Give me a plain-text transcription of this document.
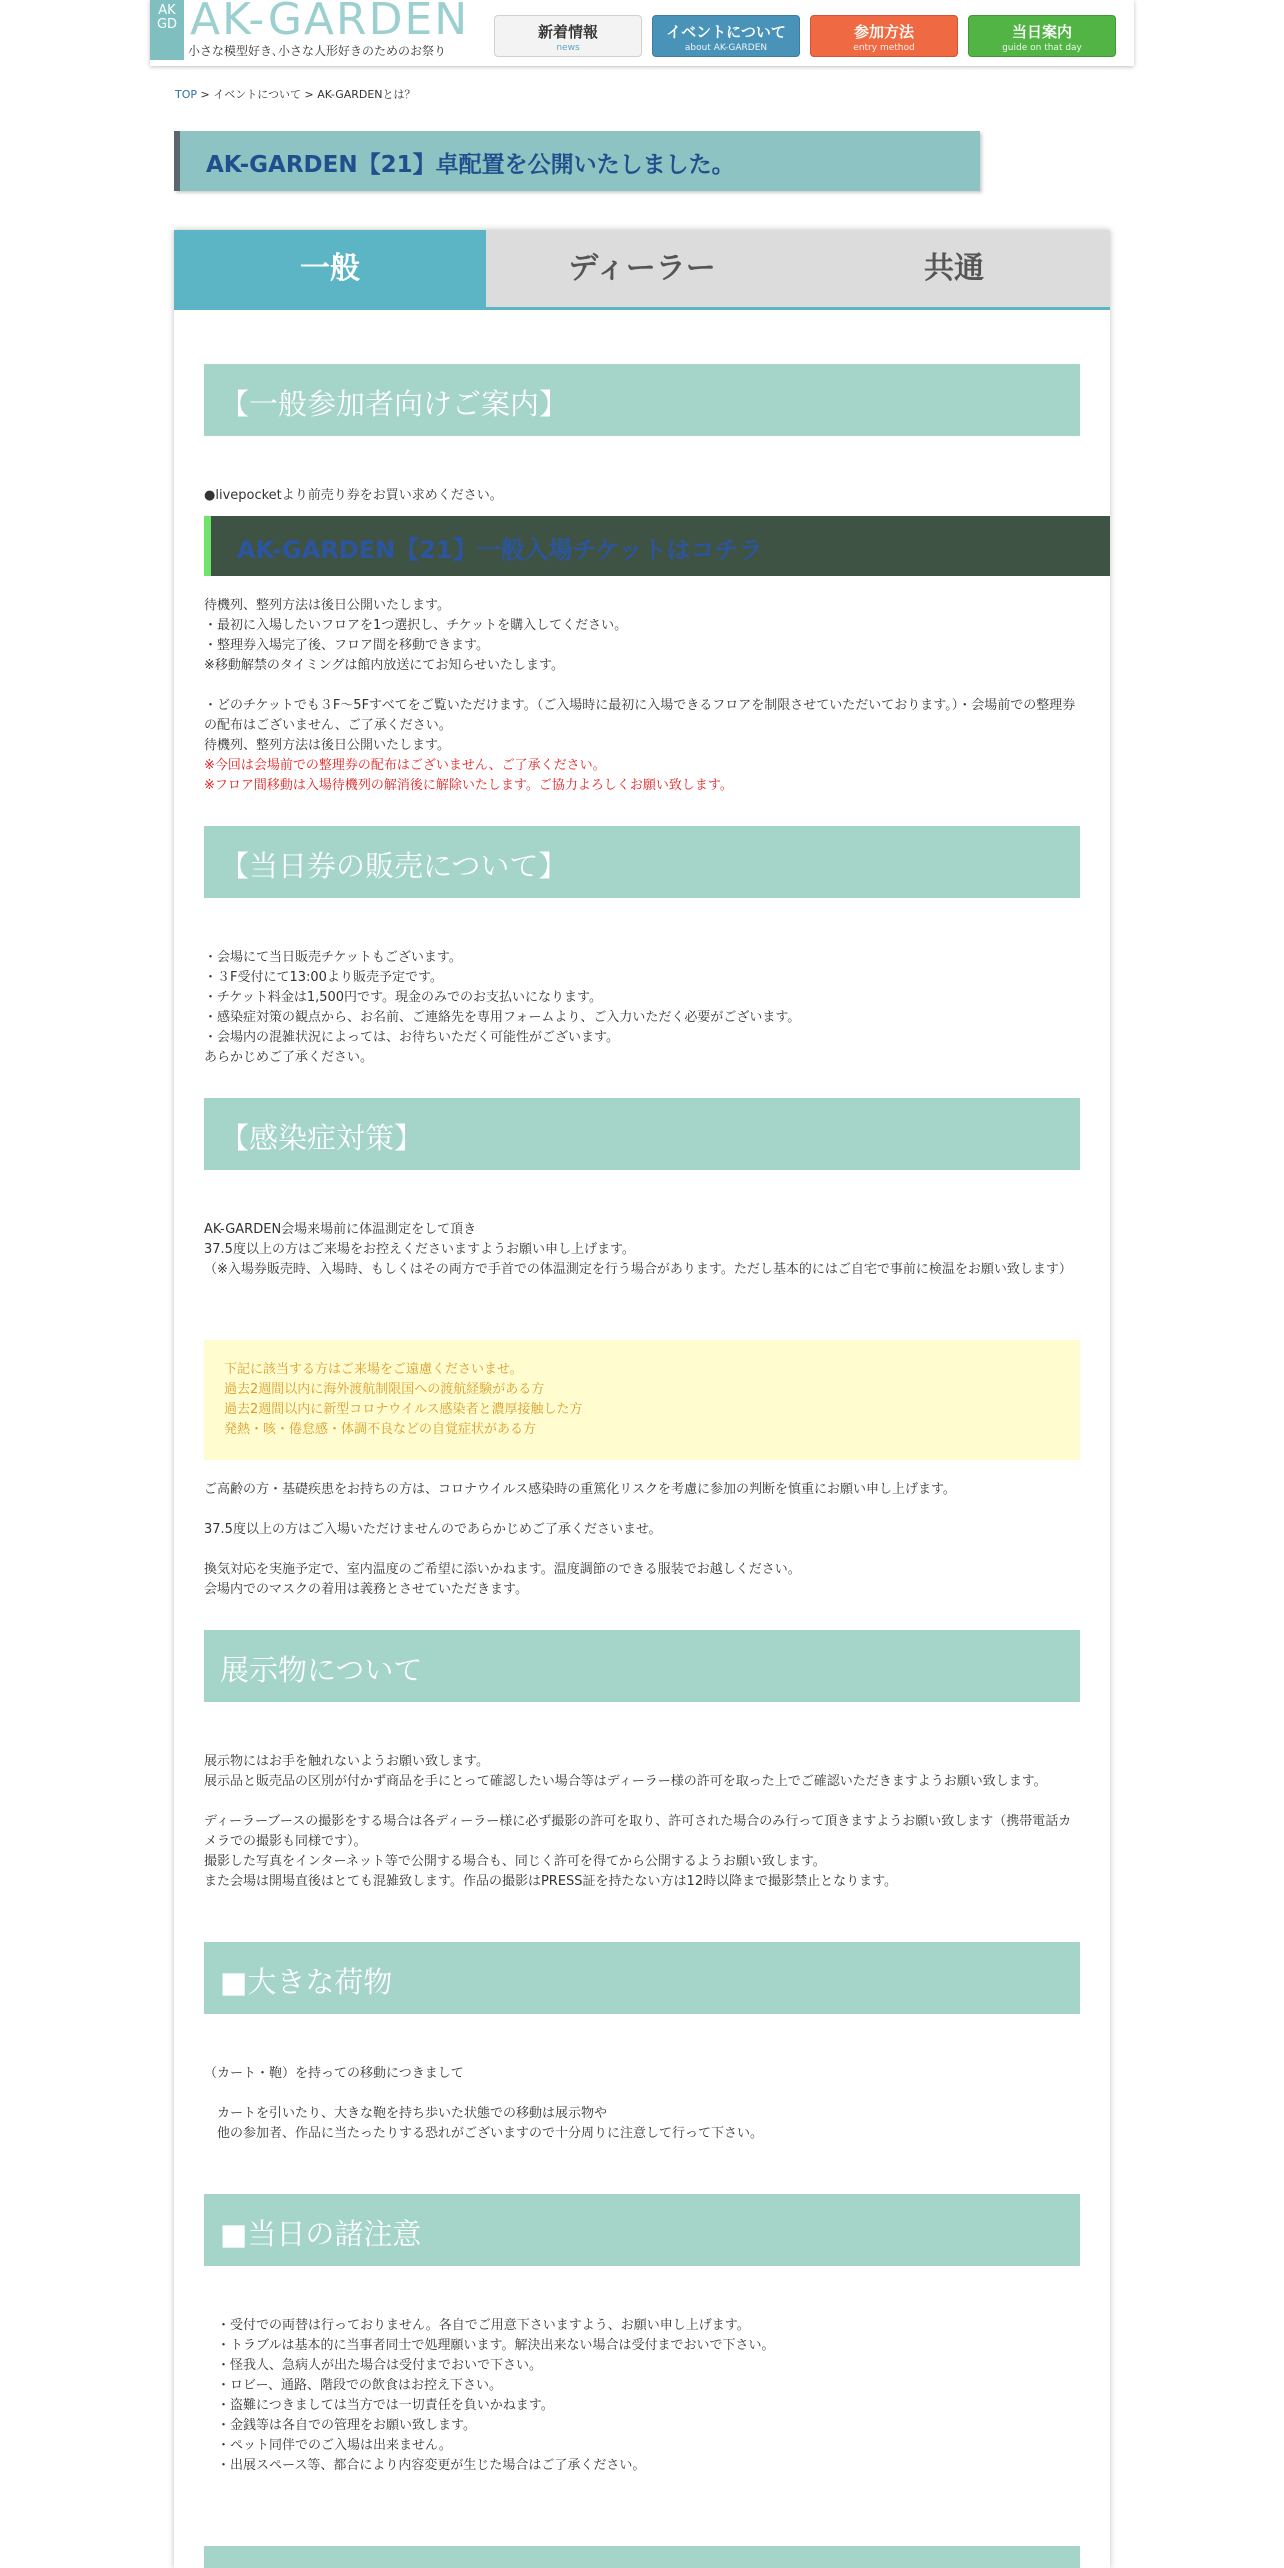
AK
GD AK-GARDEN
小さな模型好き､小さな人形好きのためのお祭り
新着情報
news
イベントについて
about AK-GARDEN
参加方法
entry method
当日案内
guide on that day
TOP > イベントについて > AK-GARDENとは？
AK-GARDEN【21】卓配置を公開いたしました。
一般	ディーラー	共通
【一般参加者向けご案内】
●livepocketより前売り券をお買い求めください。
AK-GARDEN【21】一般入場チケットはコチラ

待機列、整列方法は後日公開いたします。

・最初に入場したいフロアを1つ選択し、チケットを購入してください。

・整理券入場完了後、フロア間を移動できます。

※移動解禁のタイミングは館内放送にてお知らせいたします。

・どのチケットでも３F～5Fすべてをご覧いただけます。（ご入場時に最初に入場できるフロアを制限させていただいております。）・会場前での整理券の配布はございません、ご了承ください。

待機列、整列方法は後日公開いたします。

※今回は会場前での整理券の配布はございません、ご了承ください。

※フロア間移動は入場待機列の解消後に解除いたします。ご協力よろしくお願い致します。

【当日券の販売について】

・会場にて当日販売チケットもございます。

・３F受付にて13:00より販売予定です。

・チケット料金は1,500円です。現金のみでのお支払いになります。

・感染症対策の観点から、お名前、ご連絡先を専用フォームより、ご入力いただく必要がございます。

・会場内の混雑状況によっては、お待ちいただく可能性がございます。

あらかじめご了承ください。

【感染症対策】

AK-GARDEN会場来場前に体温測定をして頂き

37.5度以上の方はご来場をお控えくださいますようお願い申し上げます。

（※入場券販売時、入場時、もしくはその両方で手首での体温測定を行う場合があります。ただし基本的にはご自宅で事前に検温をお願い致します）

下記に該当する方はご来場をご遠慮くださいませ。

過去2週間以内に海外渡航制限国への渡航経験がある方

過去2週間以内に新型コロナウイルス感染者と濃厚接触した方

発熱・咳・倦怠感・体調不良などの自覚症状がある方

ご高齢の方・基礎疾患をお持ちの方は、コロナウイルス感染時の重篤化リスクを考慮に参加の判断を慎重にお願い申し上げます。

37.5度以上の方はご入場いただけませんのであらかじめご了承くださいませ。

換気対応を実施予定で、室内温度のご希望に添いかねます。温度調節のできる服装でお越しください。

会場内でのマスクの着用は義務とさせていただきます。

展示物について

展示物にはお手を触れないようお願い致します。

展示品と販売品の区別が付かず商品を手にとって確認したい場合等はディーラー様の許可を取った上でご確認いただきますようお願い致します。

ディーラーブースの撮影をする場合は各ディーラー様に必ず撮影の許可を取り、許可された場合のみ行って頂きますようお願い致します（携帯電話カメラでの撮影も同様です）。

撮影した写真をインターネット等で公開する場合も、同じく許可を得てから公開するようお願い致します。

また会場は開場直後はとても混雑致します。作品の撮影はPRESS証を持たない方は12時以降まで撮影禁止となります。

■大きな荷物

（カート・鞄）を持っての移動につきまして

　カートを引いたり、大きな鞄を持ち歩いた状態での移動は展示物や

　他の参加者、作品に当たったりする恐れがございますので十分周りに注意して行って下さい。

■当日の諸注意

　・受付での両替は行っておりません。各自でご用意下さいますよう、お願い申し上げます。

　・トラブルは基本的に当事者同士で処理願います。解決出来ない場合は受付までおいで下さい。

　・怪我人、急病人が出た場合は受付までおいで下さい。

　・ロビー、通路、階段での飲食はお控え下さい。

　・盗難につきましては当方では一切責任を負いかねます。

　・金銭等は各自での管理をお願い致します。

　・ペット同伴でのご入場は出来ません。

　・出展スペース等、都合により内容変更が生じた場合はご了承ください。
